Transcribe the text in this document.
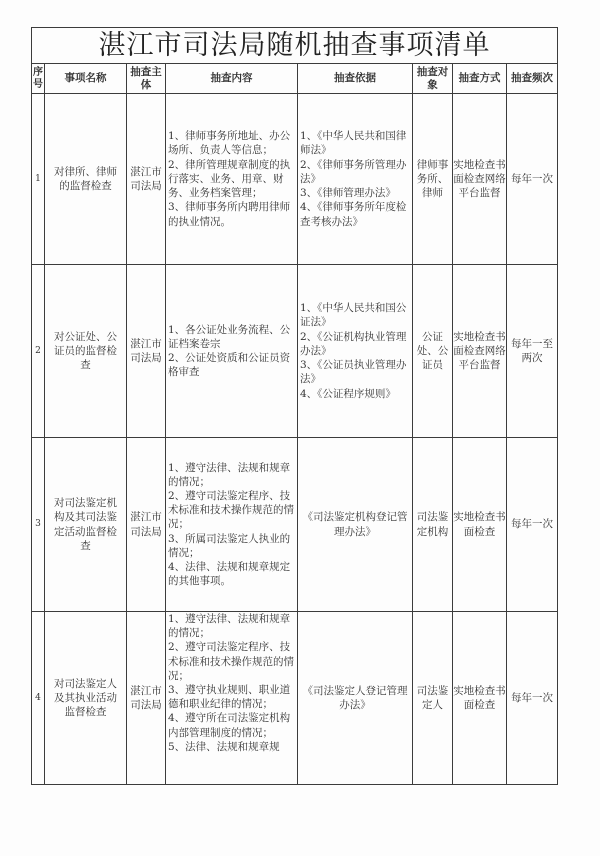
湛江市司法局随机抽查事项清单							
序号	事项名称	抽查主体	抽查内容	抽查依据	抽查对象	抽查方式	抽查频次
1	对律所、律师的监督检查	湛江市司法局	1、律师事务所地址、办公场所、负责人等信息；
2、律所管理规章制度的执行落实、业务、用章、财务、业务档案管理；
3、律师事务所内聘用律师的执业情况。	1、《中华人民共和国律师法》
2、《律师事务所管理办法》
3、《律师管理办法》
4、《律师事务所年度检查考核办法》	律师事务所、律师	实地检查书面检查网络平台监督	每年一次
2	对公证处、公证员的监督检查	湛江市司法局	1、各公证处业务流程、公证档案卷宗
2、公证处资质和公证员资格审查	1、《中华人民共和国公证法》
2、《公证机构执业管理办法》
3、《公证员执业管理办法》
4、《公证程序规则》	公证处、公证员	实地检查书面检查网络平台监督	每年一至两次
3	对司法鉴定机构及其司法鉴定活动监督检查	湛江市司法局	1、遵守法律、法规和规章的情况；
2、遵守司法鉴定程序、技术标准和技术操作规范的情况；
3、所属司法鉴定人执业的情况；
4、法律、法规和规章规定的其他事项。	《司法鉴定机构登记管理办法》	司法鉴定机构	实地检查书面检查	每年一次
4	对司法鉴定人及其执业活动监督检查	湛江市司法局	1、遵守法律、法规和规章的情况；
2、遵守司法鉴定程序、技术标准和技术操作规范的情况；
3、遵守执业规则、职业道德和职业纪律的情况；
4、遵守所在司法鉴定机构内部管理制度的情况；
5、法律、法规和规章规	《司法鉴定人登记管理办法》	司法鉴定人	实地检查书面检查	每年一次
